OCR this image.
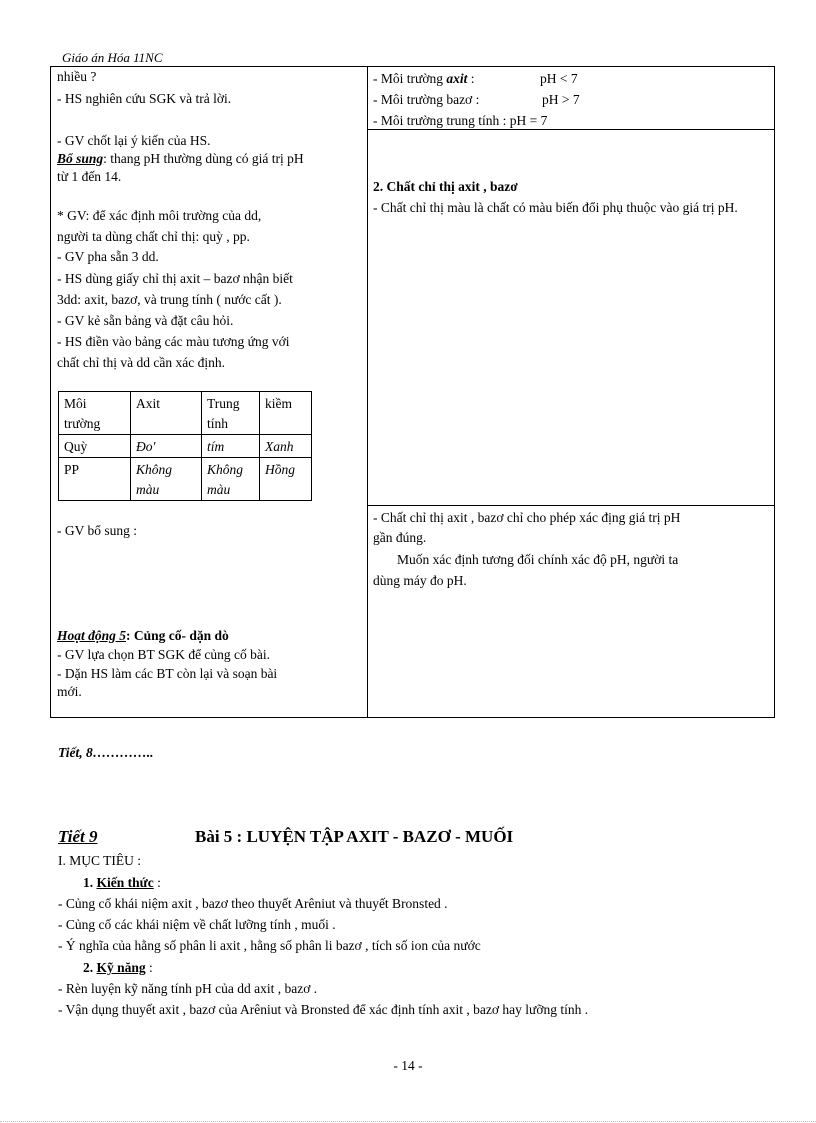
Giáo án Hóa 11NC
nhiều ?
- HS nghiên cứu SGK và trả lời.
- GV chốt lại ý kiến của HS.
Bổ sung: thang pH thường dùng có giá trị pH
từ 1 đến 14.
* GV: để xác định môi trường của dd,
người ta dùng chất chỉ thị: quỳ , pp.
- GV pha sẵn 3 dd.
- HS dùng giấy chỉ thị axit – bazơ nhận biết
3dd: axit, bazơ, và trung tính ( nước cất ).
- GV kẻ sẵn bảng và đặt câu hỏi.
- HS điền vào bảng các màu tương ứng với
chất chỉ thị và dd cần xác định.
Môi trường	Axit	Trung tính	kiềm
Quỳ	Đo'	tím	Xanh
PP	Không màu	Không màu	Hồng
- GV bổ sung :
Hoạt động 5: Củng cố- dặn dò
- GV lựa chọn BT SGK để củng cố bài.
- Dặn HS làm các BT còn lại và soạn bài
mới.
- Môi trường axit :	pH < 7
- Môi trường bazơ :	pH > 7
- Môi trường trung tính : pH = 7
2. Chất chỉ thị axit , bazơ
- Chất chỉ thị màu là chất có màu biến đổi phụ thuộc vào giá trị pH.
- Chất chỉ thị axit , bazơ chỉ cho phép xác địng giá trị pH
gần đúng.
Muốn xác định tương đối chính xác độ pH, người ta
dùng máy đo pH.
Tiết, 8…………..
Tiết 9	Bài 5 : LUYỆN TẬP AXIT - BAZƠ - MUỐI
I. MỤC TIÊU :
1. Kiến thức :
- Củng cố khái niệm axit , bazơ theo thuyết Arêniut và thuyết Bronsted .
- Củng cố các khái niệm về chất lưỡng tính , muối .
- Ý nghĩa của hằng số phân li axit , hằng số phân li bazơ , tích số ion của nước
2. Kỹ năng :
- Rèn luyện kỹ năng tính pH của dd axit , bazơ .
- Vận dụng thuyết axit , bazơ của Arêniut và Bronsted để xác định tính axit , bazơ hay lưỡng tính .
- 14 -
